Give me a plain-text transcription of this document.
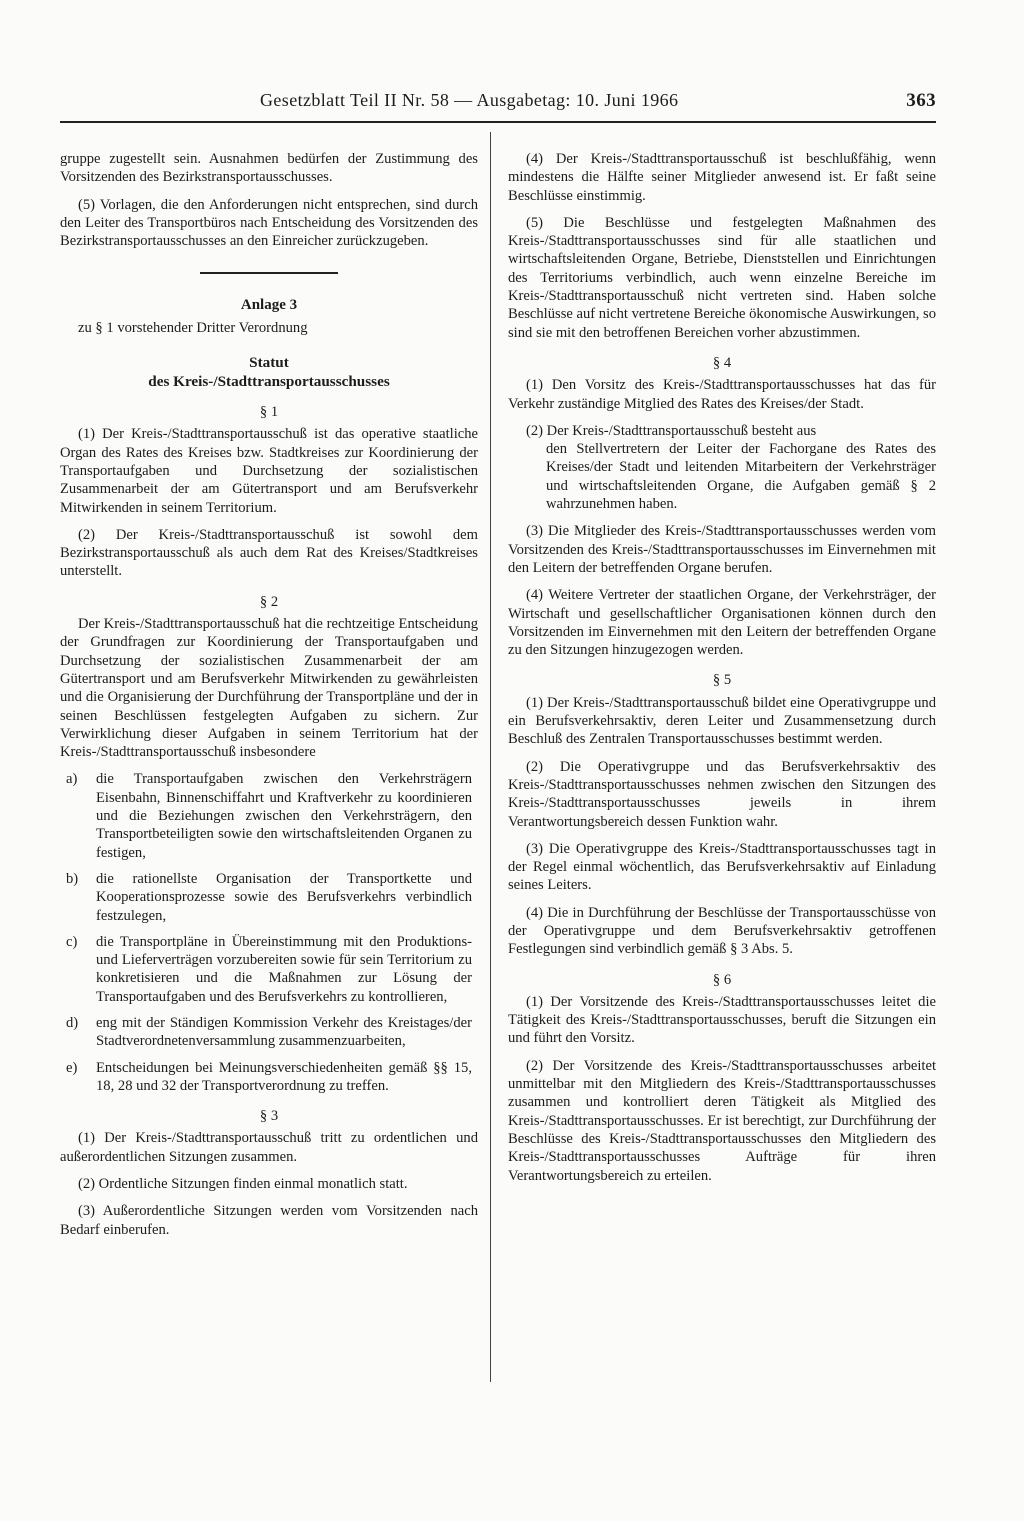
Gesetzblatt Teil II Nr. 58 — Ausgabetag: 10. Juni 1966	363

gruppe zugestellt sein. Ausnahmen bedürfen der Zustimmung des Vorsitzenden des Bezirkstransportausschusses.

(5) Vorlagen, die den Anforderungen nicht entsprechen, sind durch den Leiter des Transportbüros nach Entscheidung des Vorsitzenden des Bezirkstransportausschusses an den Einreicher zurückzugeben.

Anlage 3

zu § 1 vorstehender Dritter Verordnung

Statut
des Kreis-/Stadttransportausschusses
§ 1

(1) Der Kreis-/Stadttransportausschuß ist das operative staatliche Organ des Rates des Kreises bzw. Stadtkreises zur Koordinierung der Transportaufgaben und Durchsetzung der sozialistischen Zusammenarbeit der am Gütertransport und am Berufsverkehr Mitwirkenden in seinem Territorium.

(2) Der Kreis-/Stadttransportausschuß ist sowohl dem Bezirkstransportausschuß als auch dem Rat des Kreises/Stadtkreises unterstellt.

§ 2

Der Kreis-/Stadttransportausschuß hat die rechtzeitige Entscheidung der Grundfragen zur Koordinierung der Transportaufgaben und Durchsetzung der sozialistischen Zusammenarbeit der am Gütertransport und am Berufsverkehr Mitwirkenden zu gewährleisten und die Organisierung der Durchführung der Transportpläne und der in seinen Beschlüssen festgelegten Aufgaben zu sichern. Zur Verwirklichung dieser Aufgaben in seinem Territorium hat der Kreis-/Stadttransportausschuß insbesondere

a)	die Transportaufgaben zwischen den Verkehrsträgern Eisenbahn, Binnenschiffahrt und Kraftverkehr zu koordinieren und die Beziehungen zwischen den Verkehrsträgern, den Transportbeteiligten sowie den wirtschaftsleitenden Organen zu festigen,
b)	die rationellste Organisation der Transportkette und Kooperationsprozesse sowie des Berufsverkehrs verbindlich festzulegen,
c)	die Transportpläne in Übereinstimmung mit den Produktions- und Lieferverträgen vorzubereiten sowie für sein Territorium zu konkretisieren und die Maßnahmen zur Lösung der Transportaufgaben und des Berufsverkehrs zu kontrollieren,
d)	eng mit der Ständigen Kommission Verkehr des Kreistages/der Stadtverordnetenversammlung zusammenzuarbeiten,
e)	Entscheidungen bei Meinungsverschiedenheiten gemäß §§ 15, 18, 28 und 32 der Transportverordnung zu treffen.
§ 3

(1) Der Kreis-/Stadttransportausschuß tritt zu ordentlichen und außerordentlichen Sitzungen zusammen.

(2) Ordentliche Sitzungen finden einmal monatlich statt.

(3) Außerordentliche Sitzungen werden vom Vorsitzenden nach Bedarf einberufen.

(4) Der Kreis-/Stadttransportausschuß ist beschlußfähig, wenn mindestens die Hälfte seiner Mitglieder anwesend ist. Er faßt seine Beschlüsse einstimmig.

(5) Die Beschlüsse und festgelegten Maßnahmen des Kreis-/Stadttransportausschusses sind für alle staatlichen und wirtschaftsleitenden Organe, Betriebe, Dienststellen und Einrichtungen des Territoriums verbindlich, auch wenn einzelne Bereiche im Kreis-/Stadttransportausschuß nicht vertreten sind. Haben solche Beschlüsse auf nicht vertretene Bereiche ökonomische Auswirkungen, so sind sie mit den betroffenen Bereichen vorher abzustimmen.

§ 4

(1) Den Vorsitz des Kreis-/Stadttransportausschusses hat das für Verkehr zuständige Mitglied des Rates des Kreises/der Stadt.

(2) Der Kreis-/Stadttransportausschuß besteht aus

den Stellvertretern der Leiter der Fachorgane des Rates des Kreises/der Stadt und leitenden Mitarbeitern der Verkehrsträger und wirtschaftsleitenden Organe, die Aufgaben gemäß § 2 wahrzunehmen haben.

(3) Die Mitglieder des Kreis-/Stadttransportausschusses werden vom Vorsitzenden des Kreis-/Stadttransportausschusses im Einvernehmen mit den Leitern der betreffenden Organe berufen.

(4) Weitere Vertreter der staatlichen Organe, der Verkehrsträger, der Wirtschaft und gesellschaftlicher Organisationen können durch den Vorsitzenden im Einvernehmen mit den Leitern der betreffenden Organe zu den Sitzungen hinzugezogen werden.

§ 5

(1) Der Kreis-/Stadttransportausschuß bildet eine Operativgruppe und ein Berufsverkehrsaktiv, deren Leiter und Zusammensetzung durch Beschluß des Zentralen Transportausschusses bestimmt werden.

(2) Die Operativgruppe und das Berufsverkehrsaktiv des Kreis-/Stadttransportausschusses nehmen zwischen den Sitzungen des Kreis-/Stadttransportausschusses jeweils in ihrem Verantwortungsbereich dessen Funktion wahr.

(3) Die Operativgruppe des Kreis-/Stadttransportausschusses tagt in der Regel einmal wöchentlich, das Berufsverkehrsaktiv auf Einladung seines Leiters.

(4) Die in Durchführung der Beschlüsse der Transportausschüsse von der Operativgruppe und dem Berufsverkehrsaktiv getroffenen Festlegungen sind verbindlich gemäß § 3 Abs. 5.

§ 6

(1) Der Vorsitzende des Kreis-/Stadttransportausschusses leitet die Tätigkeit des Kreis-/Stadttransportausschusses, beruft die Sitzungen ein und führt den Vorsitz.

(2) Der Vorsitzende des Kreis-/Stadttransportausschusses arbeitet unmittelbar mit den Mitgliedern des Kreis-/Stadttransportausschusses zusammen und kontrolliert deren Tätigkeit als Mitglied des Kreis-/Stadttransportausschusses. Er ist berechtigt, zur Durchführung der Beschlüsse des Kreis-/Stadttransportausschusses den Mitgliedern des Kreis-/Stadttransportausschusses Aufträge für ihren Verantwortungsbereich zu erteilen.
